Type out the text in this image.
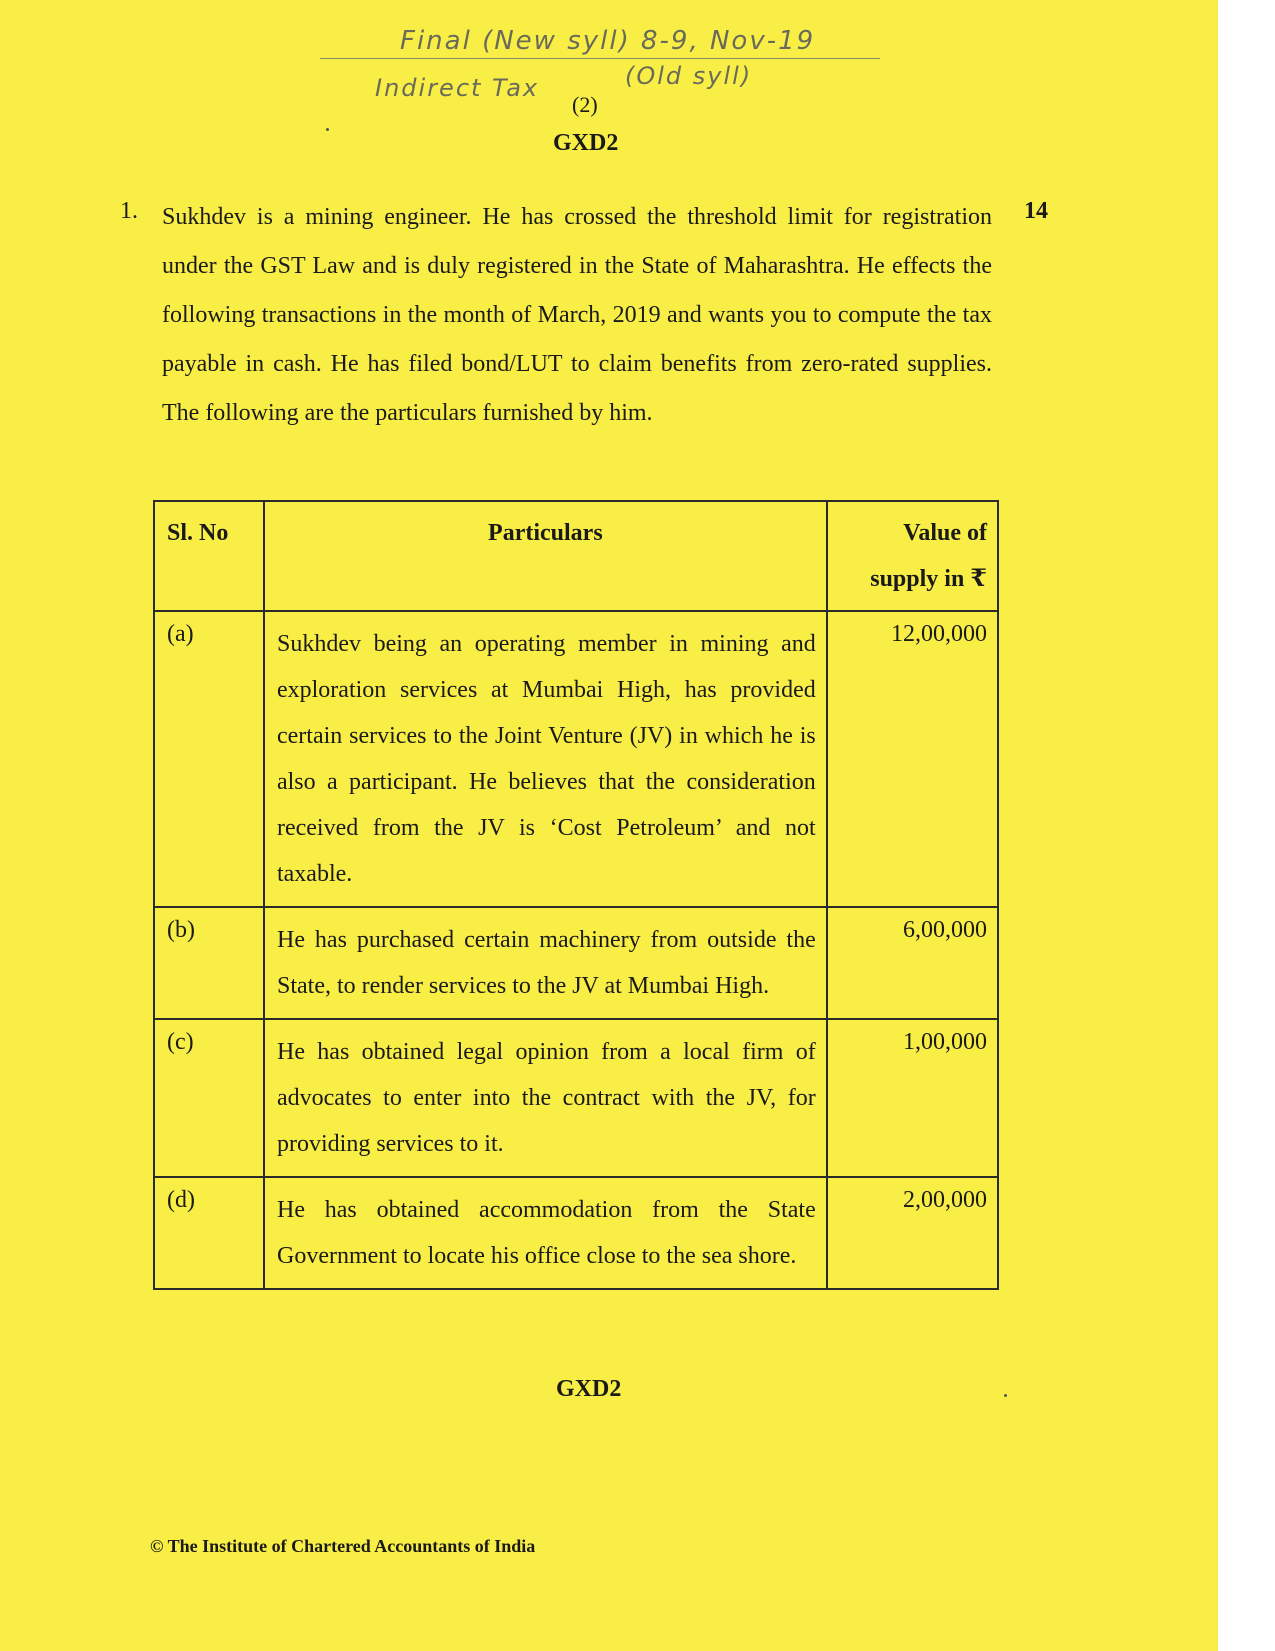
Final (New syll) 8-9, Nov-19
Indirect Tax	(Old syll)
(2)
GXD2
1. Sukhdev is a mining engineer. He has crossed the threshold limit for registration under the GST Law and is duly registered in the State of Maharashtra. He effects the following transactions in the month of March, 2019 and wants you to compute the tax payable in cash. He has filed bond/LUT to claim benefits from zero-rated supplies. The following are the particulars furnished by him.

14
Sl. No	Particulars	Value of supply in ₹
(a)	Sukhdev being an operating member in mining and exploration services at Mumbai High, has provided certain services to the Joint Venture (JV) in which he is also a participant. He believes that the consideration received from the JV is ‘Cost Petroleum’ and not taxable.	12,00,000
(b)	He has purchased certain machinery from outside the State, to render services to the JV at Mumbai High.	6,00,000
(c)	He has obtained legal opinion from a local firm of advocates to enter into the contract with the JV, for providing services to it.	1,00,000
(d)	He has obtained accommodation from the State Government to locate his office close to the sea shore.	2,00,000
GXD2
© The Institute of Chartered Accountants of India
